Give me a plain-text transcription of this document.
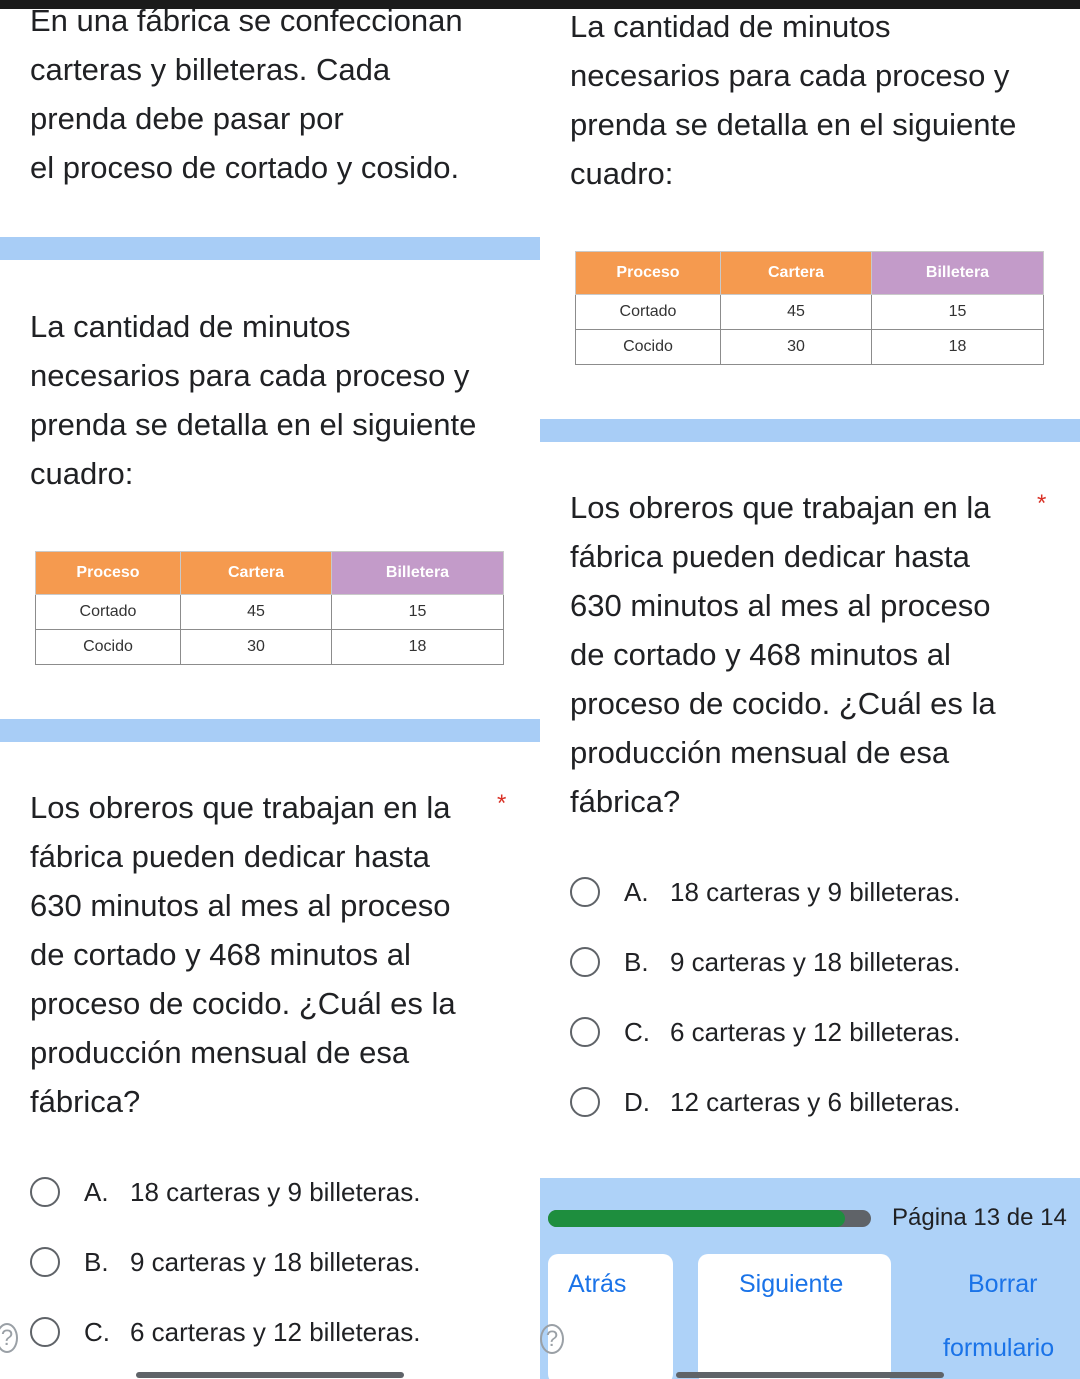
En una fábrica se confeccionan
carteras y billeteras. Cada
prenda debe pasar por
el proceso de cortado y cosido.

La cantidad de minutos
necesarios para cada proceso y
prenda se detalla en el siguiente
cuadro:

Proceso	Cartera	Billetera
Cortado	45	15
Cocido	30	18

Los obreros que trabajan en la
fábrica pueden dedicar hasta
630 minutos al mes al proceso
de cortado y 468 minutos al
proceso de cocido. ¿Cuál es la
producción mensual de esa
fábrica?

*
A. 18 carteras y 9 billeteras.
B. 9 carteras y 18 billeteras.
C. 6 carteras y 12 billeteras.
?

La cantidad de minutos
necesarios para cada proceso y
prenda se detalla en el siguiente
cuadro:

Proceso	Cartera	Billetera
Cortado	45	15
Cocido	30	18

Los obreros que trabajan en la
fábrica pueden dedicar hasta
630 minutos al mes al proceso
de cortado y 468 minutos al
proceso de cocido. ¿Cuál es la
producción mensual de esa
fábrica?

*
A. 18 carteras y 9 billeteras.
B. 9 carteras y 18 billeteras.
C. 6 carteras y 12 billeteras.
D. 12 carteras y 6 billeteras.
Página 13 de 14
Atrás	Siguiente	Borrar
formulario
?
